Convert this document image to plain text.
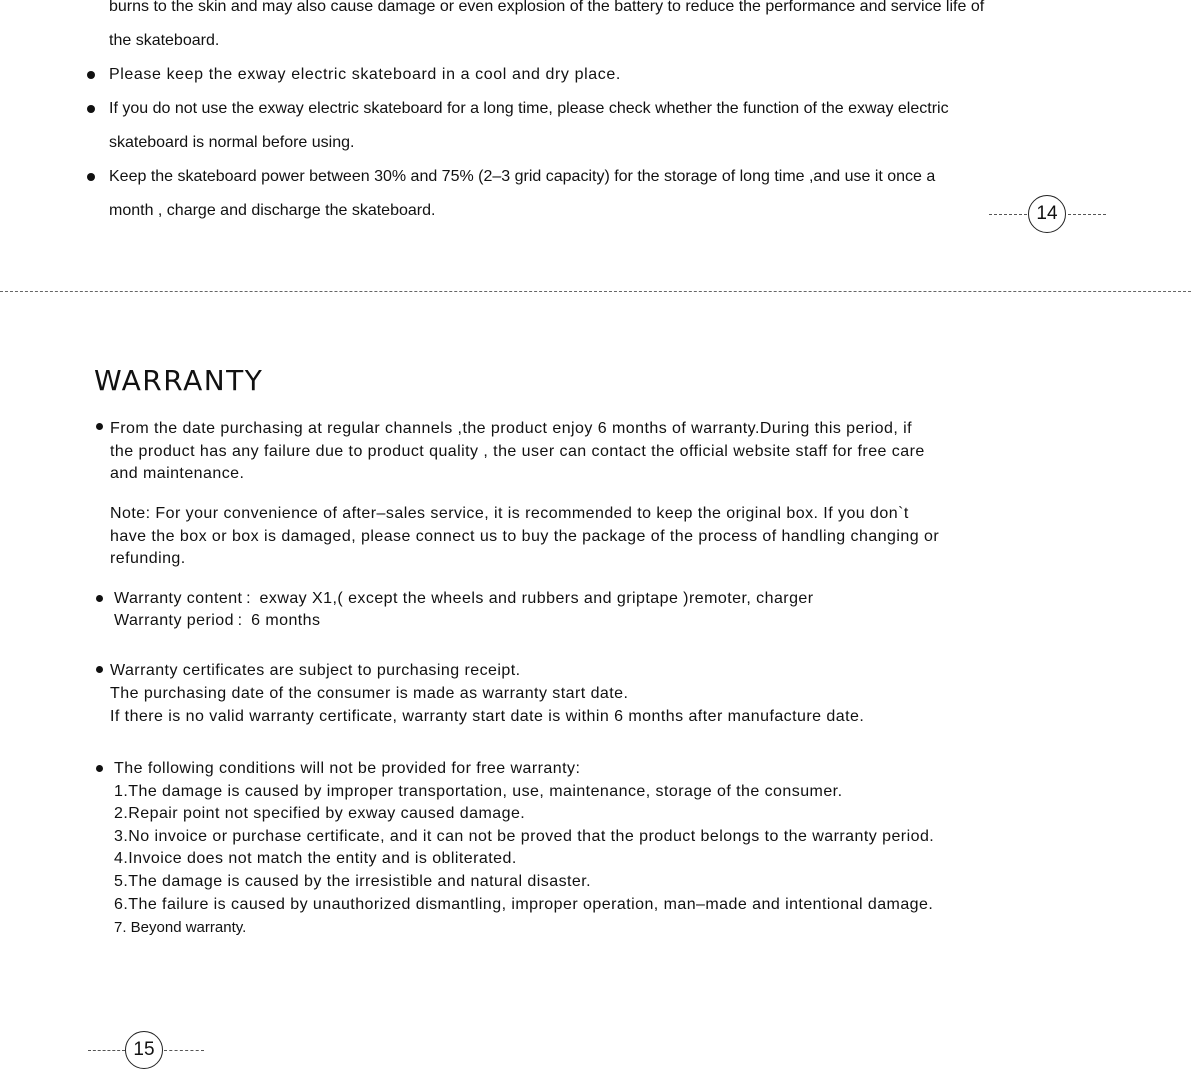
burns to the skin and may also cause damage or even explosion of the battery to reduce the performance and service life of
the skateboard.
Please keep the exway electric skateboard in a cool and dry place.
If you do not use the exway electric skateboard for a long time, please check whether the function of the exway electric
skateboard is normal before using.
Keep the skateboard power between 30% and 75% (2–3 grid capacity) for the storage of long time ,and use it once a
month , charge and discharge the skateboard.	14
WARRANTY
From the date purchasing at regular channels ,the product enjoy 6 months of warranty.During this period, if
the product has any failure due to product quality , the user can contact the official website staff for free care
and maintenance.
Note: For your convenience of after–sales service, it is recommended to keep the original box. If you don`t
have the box or box is damaged, please connect us to buy the package of the process of handling changing or
refunding.
Warranty content :  exway X1,( except the wheels and rubbers and griptape )remoter, charger
Warranty period :  6 months
Warranty certificates are subject to purchasing receipt.
The purchasing date of the consumer is made as warranty start date.
If there is no valid warranty certificate, warranty start date is within 6 months after manufacture date.
The following conditions will not be provided for free warranty:
1.The damage is caused by improper transportation, use, maintenance, storage of the consumer.
2.Repair point not specified by exway caused damage.
3.No invoice or purchase certificate, and it can not be proved that the product belongs to the warranty period.
4.Invoice does not match the entity and is obliterated.
5.The damage is caused by the irresistible and natural disaster.
6.The failure is caused by unauthorized dismantling, improper operation, man–made and intentional damage.
7. Beyond warranty.
15
